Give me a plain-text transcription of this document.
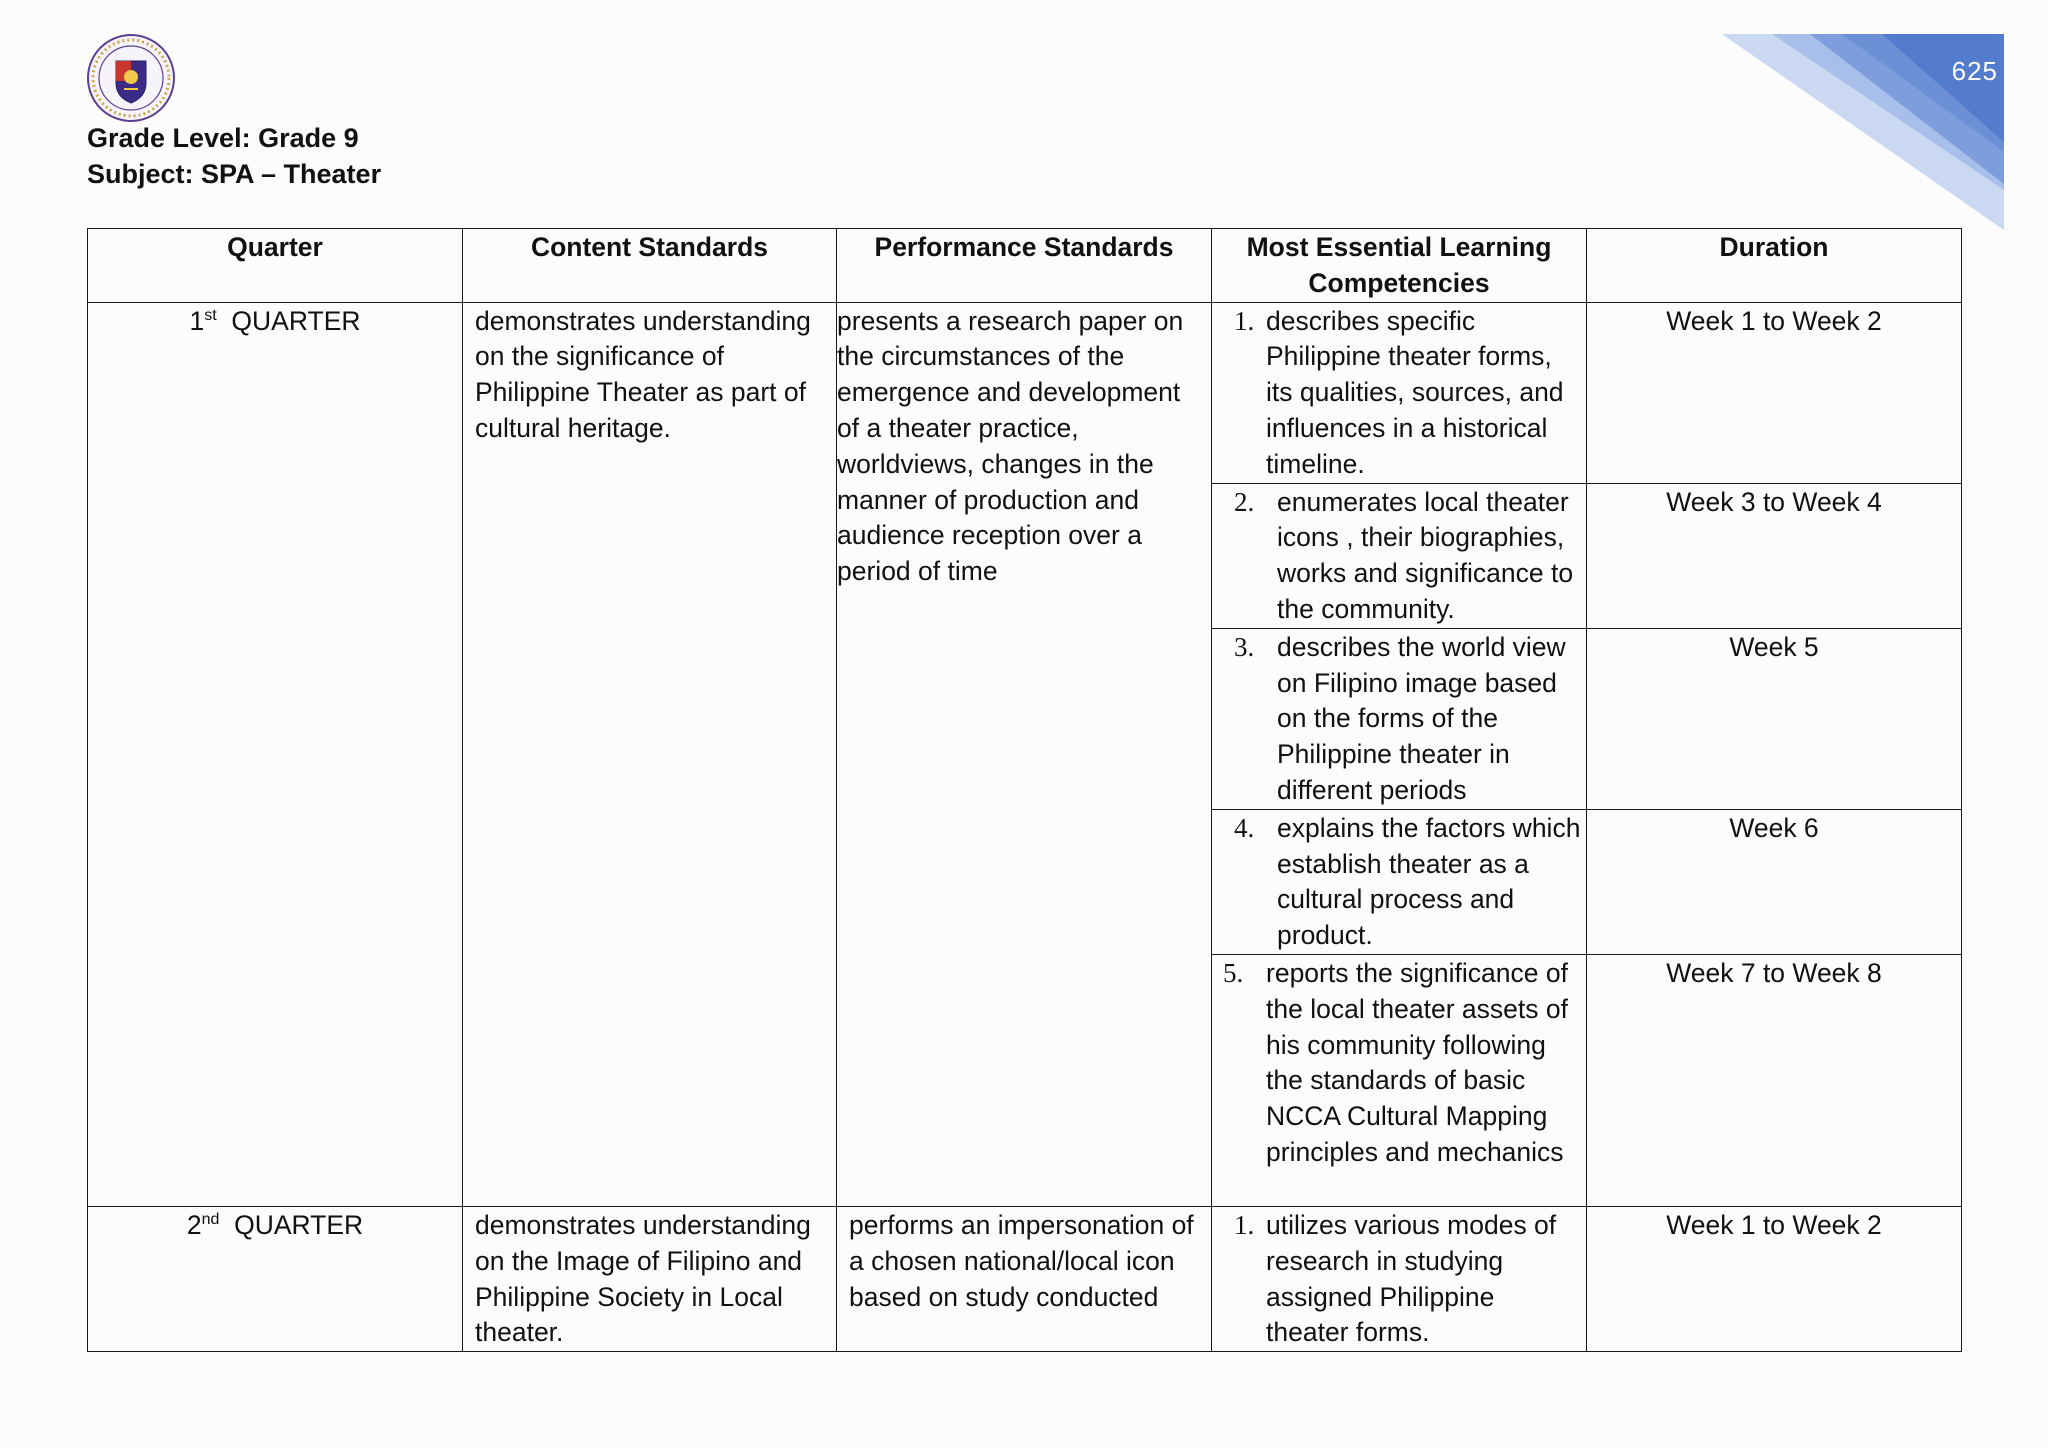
625
Grade Level: Grade 9
Subject: SPA – Theater
Quarter	Content Standards	Performance Standards	Most Essential Learning Competencies	Duration
1st QUARTER	demonstrates understanding on the significance of Philippine Theater as part of cultural heritage.	presents a research paper on the circumstances of the emergence and development of a theater practice, worldviews, changes in the manner of production and audience reception over a period of time	1. describes specific Philippine theater forms, its qualities, sources, and influences in a historical timeline.	Week 1 to Week 2

			2. enumerates local theater icons , their biographies, works and significance to the community.	Week 3 to Week 4

			3. describes the world view on Filipino image based on the forms of the Philippine theater in different periods	Week 5

			4. explains the factors which establish theater as a cultural process and product.	Week 6

			5. reports the significance of the local theater assets of his community following the standards of basic NCCA Cultural Mapping principles and mechanics	Week 7 to Week 8
2nd QUARTER	demonstrates understanding on the Image of Filipino and Philippine Society in Local theater.	performs an impersonation of a chosen national/local icon based on study conducted	1. utilizes various modes of research in studying assigned Philippine theater forms.	Week 1 to Week 2
